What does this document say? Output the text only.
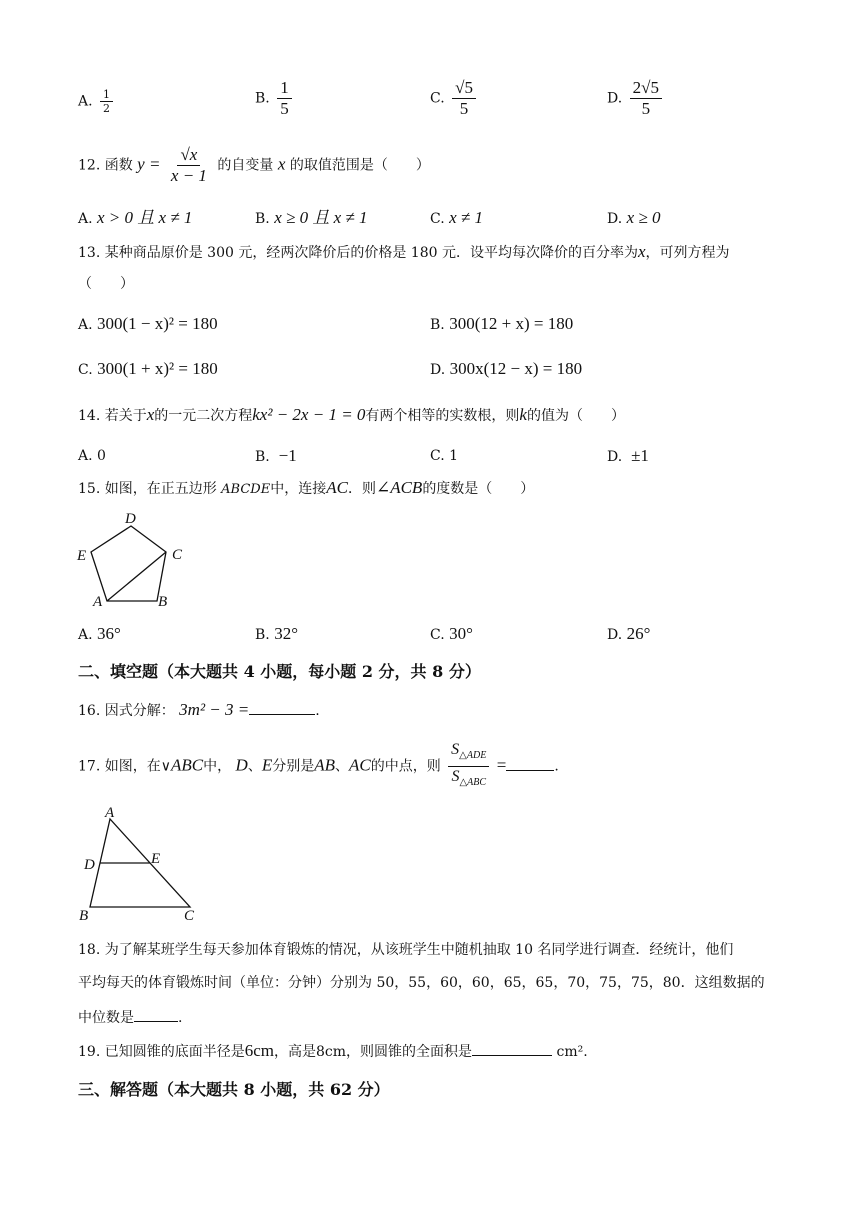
A. $\frac{1}{2}$	B. $\frac{1}{5}$	C. $\frac{√5}{5}$	D. $\frac{2√5}{5}$
12. 函数 $y = \frac{√x}{x - 1}$ 的自变量 x 的取值范围是（　　）
A. x > 0 且 x ≠ 1	B. x ≥ 0 且 x ≠ 1	C. x ≠ 1	D. x ≥ 0
13. 某种商品原价是 300 元，经两次降价后的价格是 180 元．设平均每次降价的百分率为x，可列方程为
（　　）
A. 300(1 − x)² = 180	B. 300(12 + x) = 180
C. 300(1 + x)² = 180	D. 300x(12 − x) = 180
14. 若关于x的一元二次方程kx² − 2x − 1 = 0有两个相等的实数根，则k的值为（　　）
A. 0	B. −1	C. 1	D. ±1
15. 如图，在正五边形 ABCDE中，连接AC．则∠ACB的度数是（　　）
D
C
E
A	B
A. 36°	B. 32°	C. 30°	D. 26°
二、填空题（本大题共 4 小题，每小题 2 分，共 8 分）
16. 因式分解： 3m² − 3 =	.
17. 如图，在∨ABC中， D、E分别是AB、AC的中点，则 $\frac{S_{\triangle ADE}}{S_{\triangle ABC}}$ =	.
A
D	E
B	C
18. 为了解某班学生每天参加体育锻炼的情况，从该班学生中随机抽取 10 名同学进行调查．经统计，他们
平均每天的体育锻炼时间（单位：分钟）分别为 50，55，60，60，65，65，70，75，75，80．这组数据的
中位数是	.
19. 已知圆锥的底面半径是6cm，高是8cm，则圆锥的全面积是	cm².
三、解答题（本大题共 8 小题，共 62 分）
